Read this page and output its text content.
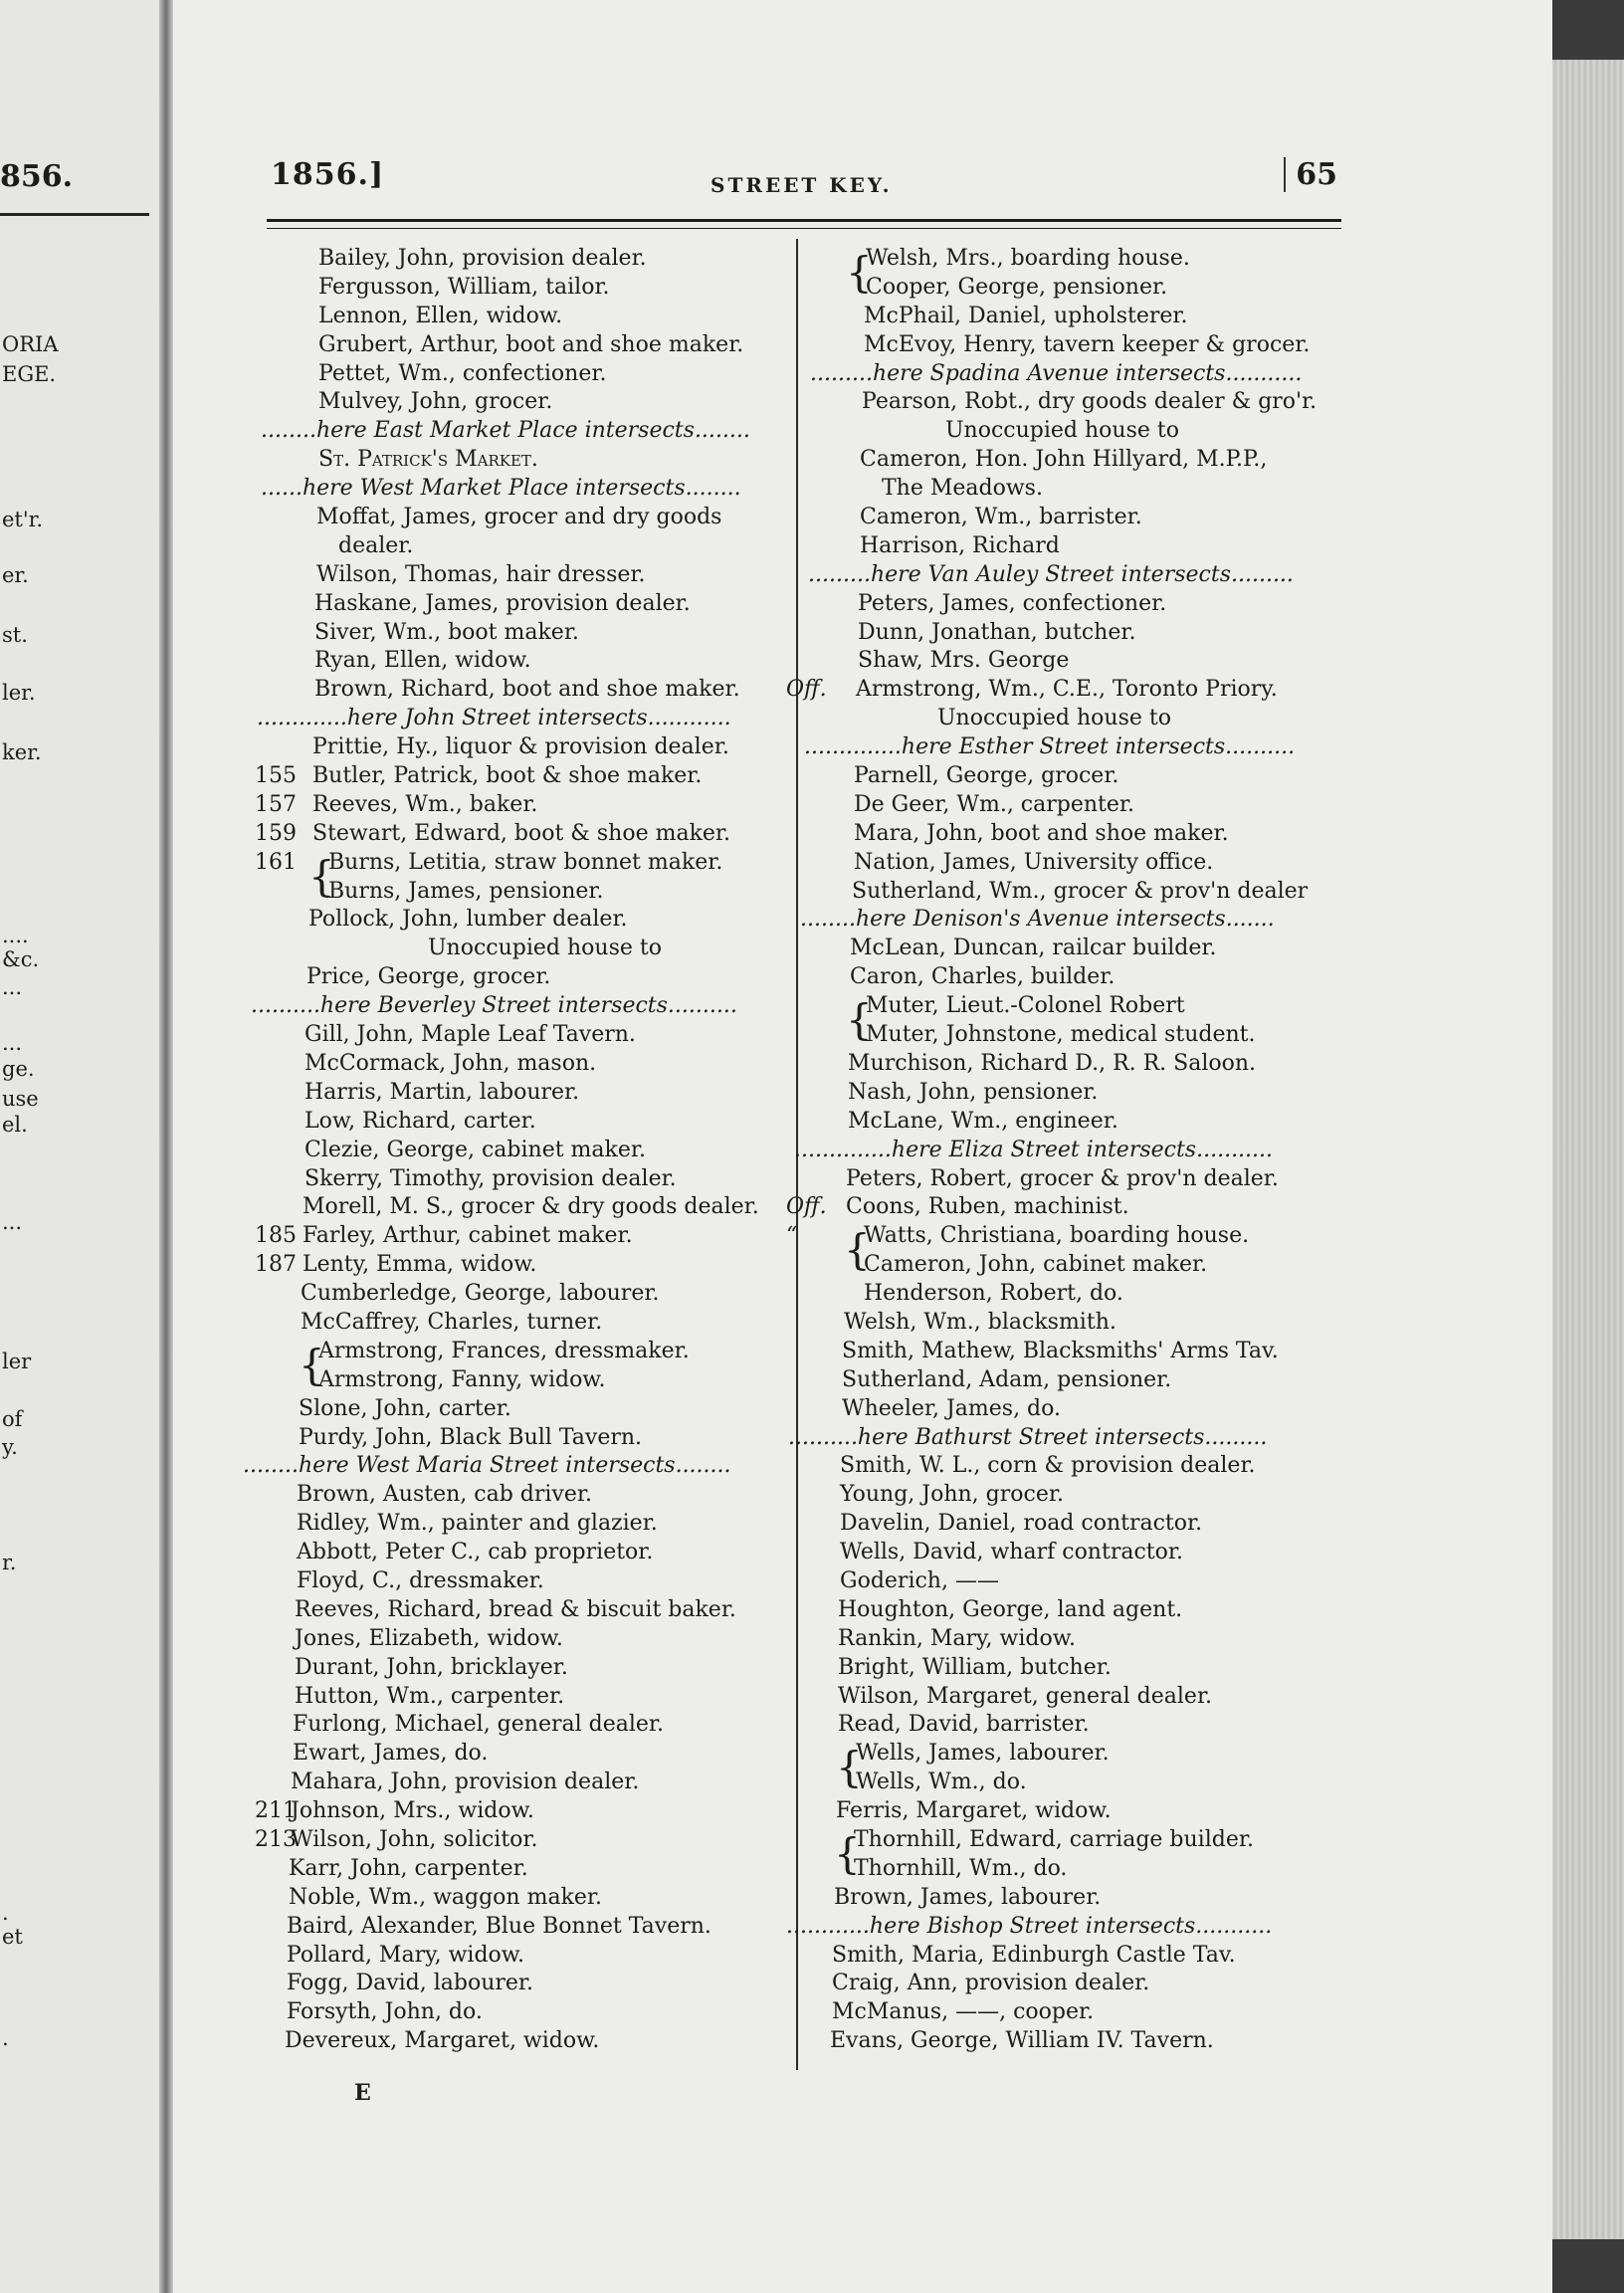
856.
ORIA
EGE.
et'r.
er.
st.
ler.
ker.
....
&c.
...
...
ge.
use
el.
...
ler
of
y.
r.
.
et
.
1856.]	STREET KEY.	65
Bailey, John, provision dealer.
Fergusson, William, tailor.
Lennon, Ellen, widow.
Grubert, Arthur, boot and shoe maker.
Pettet, Wm., confectioner.
Mulvey, John, grocer.
........here East Market Place intersects........
St. Patrick's Market.
......here West Market Place intersects........
Moffat, James, grocer and dry goods
dealer.
Wilson, Thomas, hair dresser.
Haskane, James, provision dealer.
Siver, Wm., boot maker.
Ryan, Ellen, widow.
Brown, Richard, boot and shoe maker.
.............here John Street intersects............
Prittie, Hy., liquor & provision dealer.
155 Butler, Patrick, boot & shoe maker.
157 Reeves, Wm., baker.
159 Stewart, Edward, boot & shoe maker.
161 {
Burns, Letitia, straw bonnet maker.
Burns, James, pensioner.
Pollock, John, lumber dealer.
Unoccupied house to
Price, George, grocer.
..........here Beverley Street intersects..........
Gill, John, Maple Leaf Tavern.
McCormack, John, mason.
Harris, Martin, labourer.
Low, Richard, carter.
Clezie, George, cabinet maker.
Skerry, Timothy, provision dealer.
Morell, M. S., grocer & dry goods dealer.
185 Farley, Arthur, cabinet maker.
187 Lenty, Emma, widow.
Cumberledge, George, labourer.
McCaffrey, Charles, turner.
{
Armstrong, Frances, dressmaker.
Armstrong, Fanny, widow.
Slone, John, carter.
Purdy, John, Black Bull Tavern.
........here West Maria Street intersects........
Brown, Austen, cab driver.
Ridley, Wm., painter and glazier.
Abbott, Peter C., cab proprietor.
Floyd, C., dressmaker.
Reeves, Richard, bread & biscuit baker.
Jones, Elizabeth, widow.
Durant, John, bricklayer.
Hutton, Wm., carpenter.
Furlong, Michael, general dealer.
Ewart, James, do.
Mahara, John, provision dealer.
211
Johnson, Mrs., widow.
213
Wilson, John, solicitor.
Karr, John, carpenter.
Noble, Wm., waggon maker.
Baird, Alexander, Blue Bonnet Tavern.
Pollard, Mary, widow.
Fogg, David, labourer.
Forsyth, John, do.
Devereux, Margaret, widow.
{
Welsh, Mrs., boarding house.
Cooper, George, pensioner.
McPhail, Daniel, upholsterer.
McEvoy, Henry, tavern keeper & grocer.
.........here Spadina Avenue intersects...........
Pearson, Robt., dry goods dealer & gro'r.
Unoccupied house to
Cameron, Hon. John Hillyard, M.P.P.,
The Meadows.
Cameron, Wm., barrister.
Harrison, Richard
.........here Van Auley Street intersects.........
Peters, James, confectioner.
Dunn, Jonathan, butcher.
Shaw, Mrs. George
Off. Armstrong, Wm., C.E., Toronto Priory.
Unoccupied house to
..............here Esther Street intersects..........
Parnell, George, grocer.
De Geer, Wm., carpenter.
Mara, John, boot and shoe maker.
Nation, James, University office.
Sutherland, Wm., grocer & prov'n dealer
........here Denison's Avenue intersects.......
McLean, Duncan, railcar builder.
Caron, Charles, builder.
{
Muter, Lieut.-Colonel Robert
Muter, Johnstone, medical student.
Murchison, Richard D., R. R. Saloon.
Nash, John, pensioner.
McLane, Wm., engineer.
..............here Eliza Street intersects...........
Peters, Robert, grocer & prov'n dealer.
Off. Coons, Ruben, machinist.
“ {
Watts, Christiana, boarding house.
Cameron, John, cabinet maker.
Henderson, Robert, do.
Welsh, Wm., blacksmith.
Smith, Mathew, Blacksmiths' Arms Tav.
Sutherland, Adam, pensioner.
Wheeler, James, do.
..........here Bathurst Street intersects.........
Smith, W. L., corn & provision dealer.
Young, John, grocer.
Davelin, Daniel, road contractor.
Wells, David, wharf contractor.
Goderich, ——
Houghton, George, land agent.
Rankin, Mary, widow.
Bright, William, butcher.
Wilson, Margaret, general dealer.
Read, David, barrister.
{
Wells, James, labourer.
Wells, Wm., do.
Ferris, Margaret, widow.
{
Thornhill, Edward, carriage builder.
Thornhill, Wm., do.
Brown, James, labourer.
............here Bishop Street intersects...........
Smith, Maria, Edinburgh Castle Tav.
Craig, Ann, provision dealer.
McManus, ——, cooper.
Evans, George, William IV. Tavern.
E
